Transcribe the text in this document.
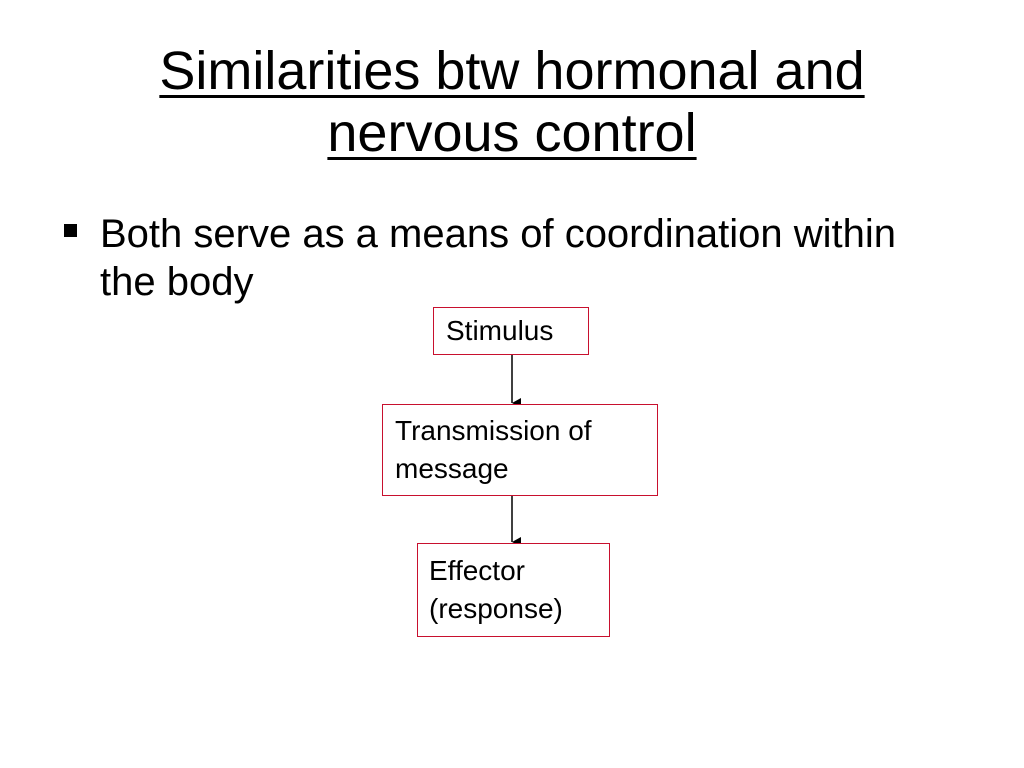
Similarities btw hormonal and
nervous control
Both serve as a means of coordination within the body
Stimulus
Transmission of
message
Effector
(response)
